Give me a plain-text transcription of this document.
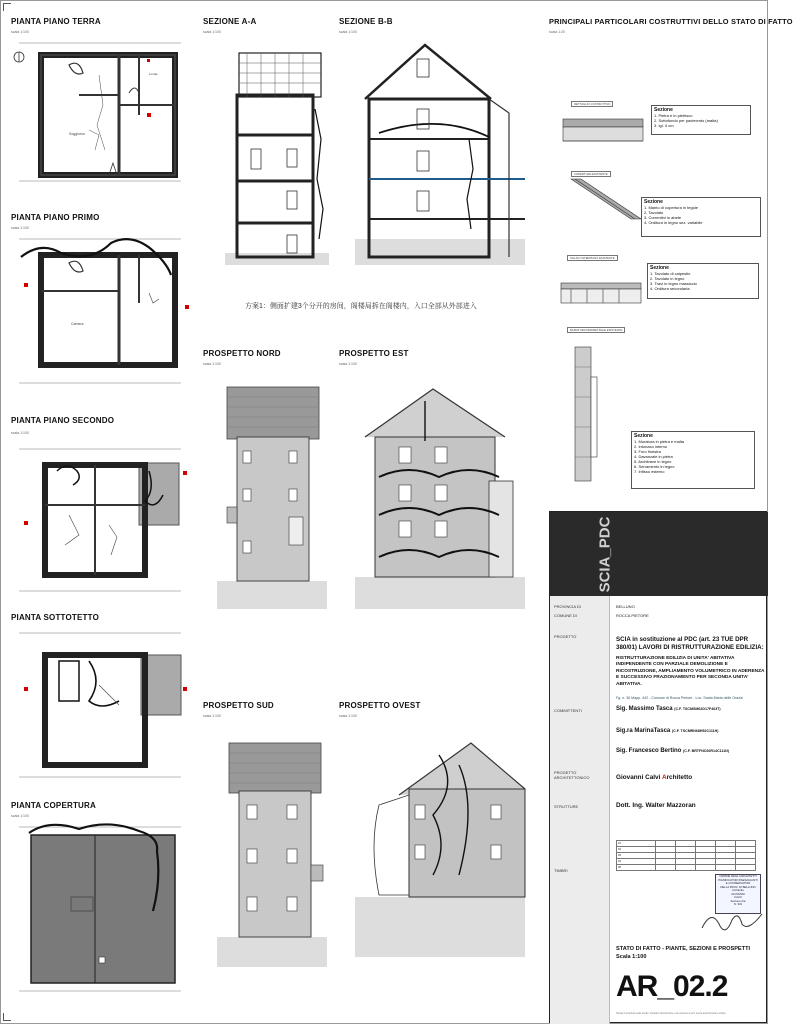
PIANTA PIANO TERRA
scala 1:100
Soggiorno
Locale
PIANTA PIANO PRIMO
scala 1:100
Camera
PIANTA PIANO SECONDO
scala 1:100
PIANTA SOTTOTETTO
PIANTA COPERTURA
scala 1:100
SEZIONE A-A
scala 1:100
SEZIONE B-B
scala 1:100
方案1：侧面扩建3个分开的房间，阁楼局拆在阁楼内，入口全部从外部进入
PROSPETTO NORD
scala 1:100
PROSPETTO EST
scala 1:100
PROSPETTO SUD
scala 1:100
PROSPETTO OVEST
scala 1:100
PRINCIPALI PARTICOLARI COSTRUTTIVI DELLO STATO DI FATTO
scala 1:20
DETTAGLIO COSTRUTTIVO
Sezione
1. Pietra e in pietrisco
2. Sottofondo per pavimento (malta)
3. Igl. 4 cm
COPERTURA ESISTENTE
Sezione
1. Manto di copertura in tegole
2. Tavolato
3. Correntini in abete
4. Orditura in legno sez. variabile
SOLAIO INTERPIANO ESISTENTE
Sezione
1. Tavolato di calpestio
2. Tavolato in legno
3. Travi in legno massiccio
4. Orditura secondaria
MURATURA PERIMETRALE ESISTENTE
Sezione
1. Muratura in pietra e malta
2. Intonaco interno
3. Foro finestra
4. Davanzale in pietra
5. Architrave in legno
6. Serramento in legno
7. Infisso esterno
SCIA_PDC
PROVINCIA DI	BELLUNO
COMUNE DI	ROCCA PIETORE
PROGETTO	SCIA in sostituzione al PDC (art. 23 TUE DPR 380/01) LAVORI DI RISTRUTTURAZIONE EDILIZIA:
RISTRUTTURAZIONE EDILIZIA DI UNITA' ABITATIVA INDIPENDENTE CON PARZIALE DEMOLIZIONE E RICOSTRUZIONE, AMPLIAMENTO VOLUMETRICO IN ADERENZA E SUCCESSIVO FRAZIONAMENTO PER SECONDA UNITA' ABITATIVA.
Fg. n. 36 Mapp. 442 - Comune di Rocca Pietore - Loc. Santa Maria delle Grazie
COMMITTENTI	Sig. Massimo Tasca (C.F. TSCMSM62D17F463T)
Sig.ra MarinaTasca (C.F. TSCMRN68H52C111H)
Sig. Francesco Bertino (C.F. BRTFNC66R14C111N)
PROGETTO ARCHITETTONICO	Giovanni Calvi Architetto
STRUTTURE	Dott. Ing. Walter Mazzoran
01					
02					
03					
04					
05					
TIMBRI
ORDINE DEGLI ARCHITETTI
PIANIFICATORI PAESAGGISTI
E CONSERVATORI
DELLA PROV. DI BELLUNO
Architetto
GIOVANNI
CALVI
Sezione A/a
N. 331
STATO DI FATTO - PIANTE, SEZIONI E PROSPETTI
Scala 1:100
AR_02.2
Tavola di proprietà dello studio. Vietata la riproduzione o la cessione a terzi senza autorizzazione scritta.
